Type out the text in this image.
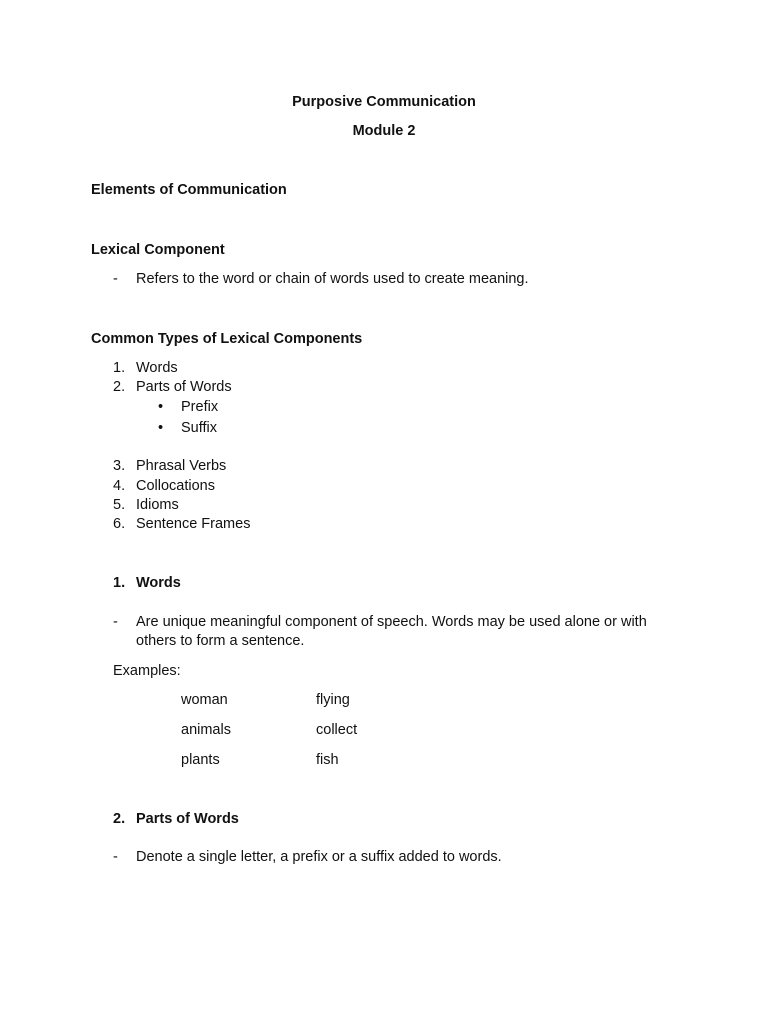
Purposive Communication
Module 2
Elements of Communication
Lexical Component
- Refers to the word or chain of words used to create meaning.
Common Types of Lexical Components
1. Words
2. Parts of Words
• Prefix
• Suffix
3. Phrasal Verbs
4. Collocations
5. Idioms
6. Sentence Frames
1. Words
- Are unique meaningful component of speech. Words may be used alone or with
others to form a sentence.
Examples:
woman	flying
animals	collect
plants	fish
2. Parts of Words
- Denote a single letter, a prefix or a suffix added to words.
